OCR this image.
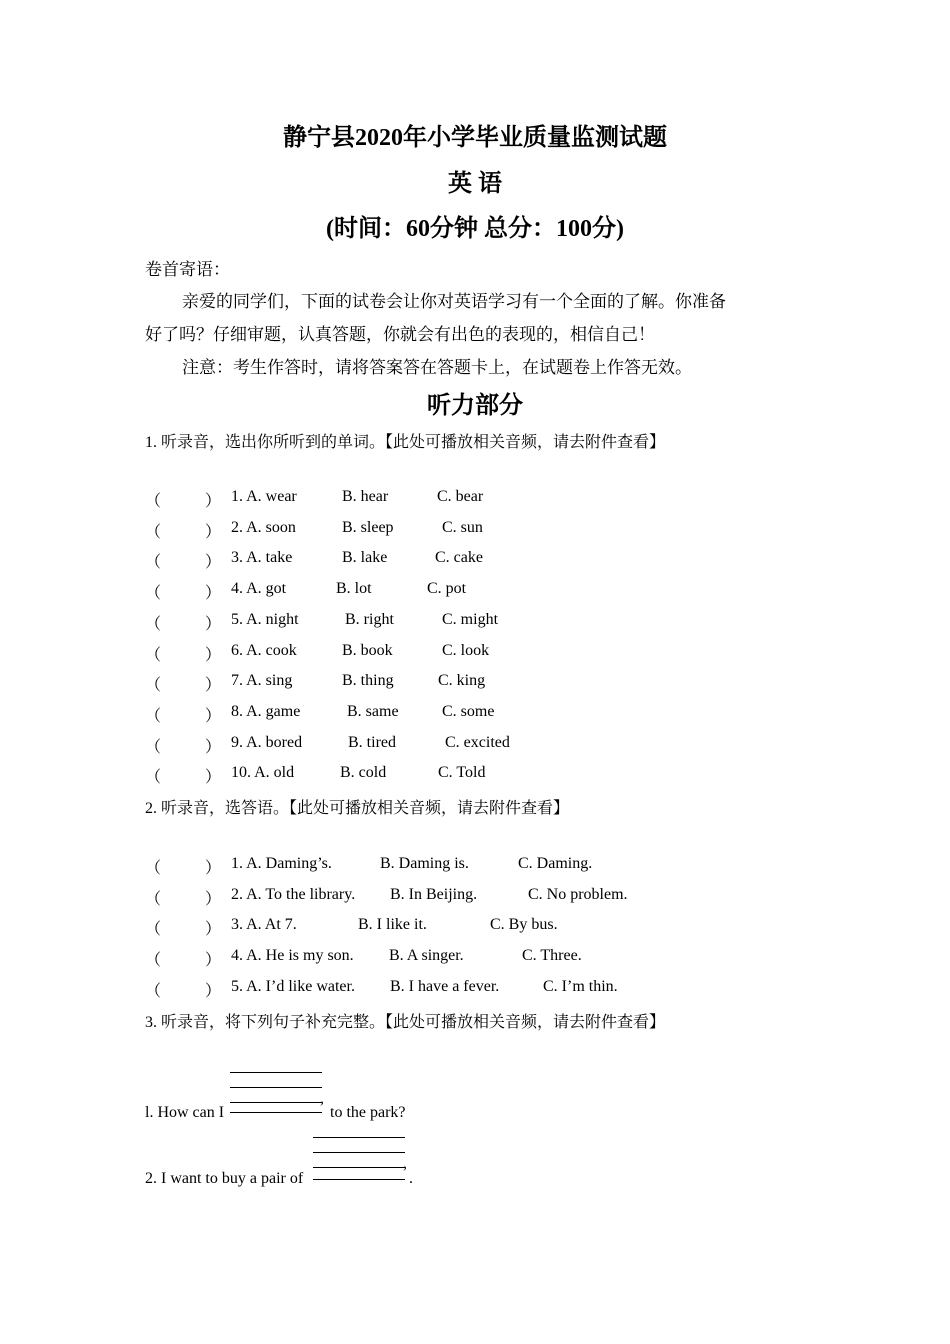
静宁县2020年小学毕业质量监测试题
英 语
(时间：60分钟 总分：100分)
卷首寄语：
亲爱的同学们，下面的试卷会让你对英语学习有一个全面的了解。你准备
好了吗？仔细审题，认真答题，你就会有出色的表现的，相信自己！
注意：考生作答时，请将答案答在答题卡上，在试题卷上作答无效。
听力部分
1. 听录音，选出你所听到的单词。【此处可播放相关音频，请去附件查看】
（	） 1. A. wear	B. hear	C. bear
（	） 2. A. soon	B. sleep	C. sun
（	） 3. A. take	B. lake	C. cake
（	） 4. A. got	B. lot	C. pot
（	） 5. A. night	B. right	C. might
（	） 6. A. cook	B. book	C. look
（	） 7. A. sing	B. thing	C. king
（	） 8. A. game	B. same	C. some
（	） 9. A. bored	B. tired	C. excited
（	） 10. A. old	B. cold	C. Told
2. 听录音，选答语。【此处可播放相关音频，请去附件查看】
（	） 1. A. Daming’s.	B. Daming is.	C. Daming.
（	） 2. A. To the library. B. In Beijing.	C. No problem.
（	） 3. A. At 7.	B. I like it.	C. By bus.
（	） 4. A. He is my son. B. A singer.	C. Three.
（	） 5. A. I’d like water. B. I have a fever.	C. I’m thin.
3. 听录音，将下列句子补充完整。【此处可播放相关音频，请去附件查看】
,
l. How can I	to the park?
,
2. I want to buy a pair of	.
